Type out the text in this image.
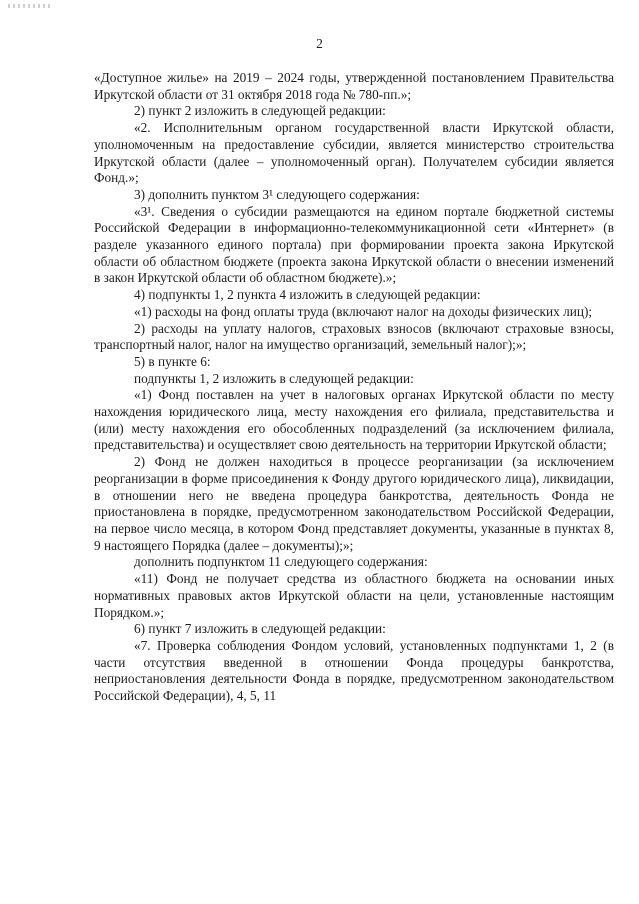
2

«Доступное жилье» на 2019 – 2024 годы, утвержденной постановлением Правительства Иркутской области от 31 октября 2018 года № 780-пп.»;

2) пункт 2 изложить в следующей редакции:

«2. Исполнительным органом государственной власти Иркутской области, уполномоченным на предоставление субсидии, является министерство строительства Иркутской области (далее – уполномоченный орган). Получателем субсидии является Фонд.»;

3) дополнить пунктом 3¹ следующего содержания:

«3¹. Сведения о субсидии размещаются на едином портале бюджетной системы Российской Федерации в информационно-телекоммуникационной сети «Интернет» (в разделе указанного единого портала) при формировании проекта закона Иркутской области об областном бюджете (проекта закона Иркутской области о внесении изменений в закон Иркутской области об областном бюджете).»;

4) подпункты 1, 2 пункта 4 изложить в следующей редакции:

«1) расходы на фонд оплаты труда (включают налог на доходы физических лиц);

2) расходы на уплату налогов, страховых взносов (включают страховые взносы, транспортный налог, налог на имущество организаций, земельный налог);»;

5) в пункте 6:

подпункты 1, 2 изложить в следующей редакции:

«1) Фонд поставлен на учет в налоговых органах Иркутской области по месту нахождения юридического лица, месту нахождения его филиала, представительства и (или) месту нахождения его обособленных подразделений (за исключением филиала, представительства) и осуществляет свою деятельность на территории Иркутской области;

2) Фонд не должен находиться в процессе реорганизации (за исключением реорганизации в форме присоединения к Фонду другого юридического лица), ликвидации, в отношении него не введена процедура банкротства, деятельность Фонда не приостановлена в порядке, предусмотренном законодательством Российской Федерации, на первое число месяца, в котором Фонд представляет документы, указанные в пунктах 8, 9 настоящего Порядка (далее – документы);»;

дополнить подпунктом 11 следующего содержания:

«11) Фонд не получает средства из областного бюджета на основании иных нормативных правовых актов Иркутской области на цели, установленные настоящим Порядком.»;

6) пункт 7 изложить в следующей редакции:

«7. Проверка соблюдения Фондом условий, установленных подпунктами 1, 2 (в части отсутствия введенной в отношении Фонда процедуры банкротства, неприостановления деятельности Фонда в порядке, предусмотренном законодательством Российской Федерации), 4, 5, 11
